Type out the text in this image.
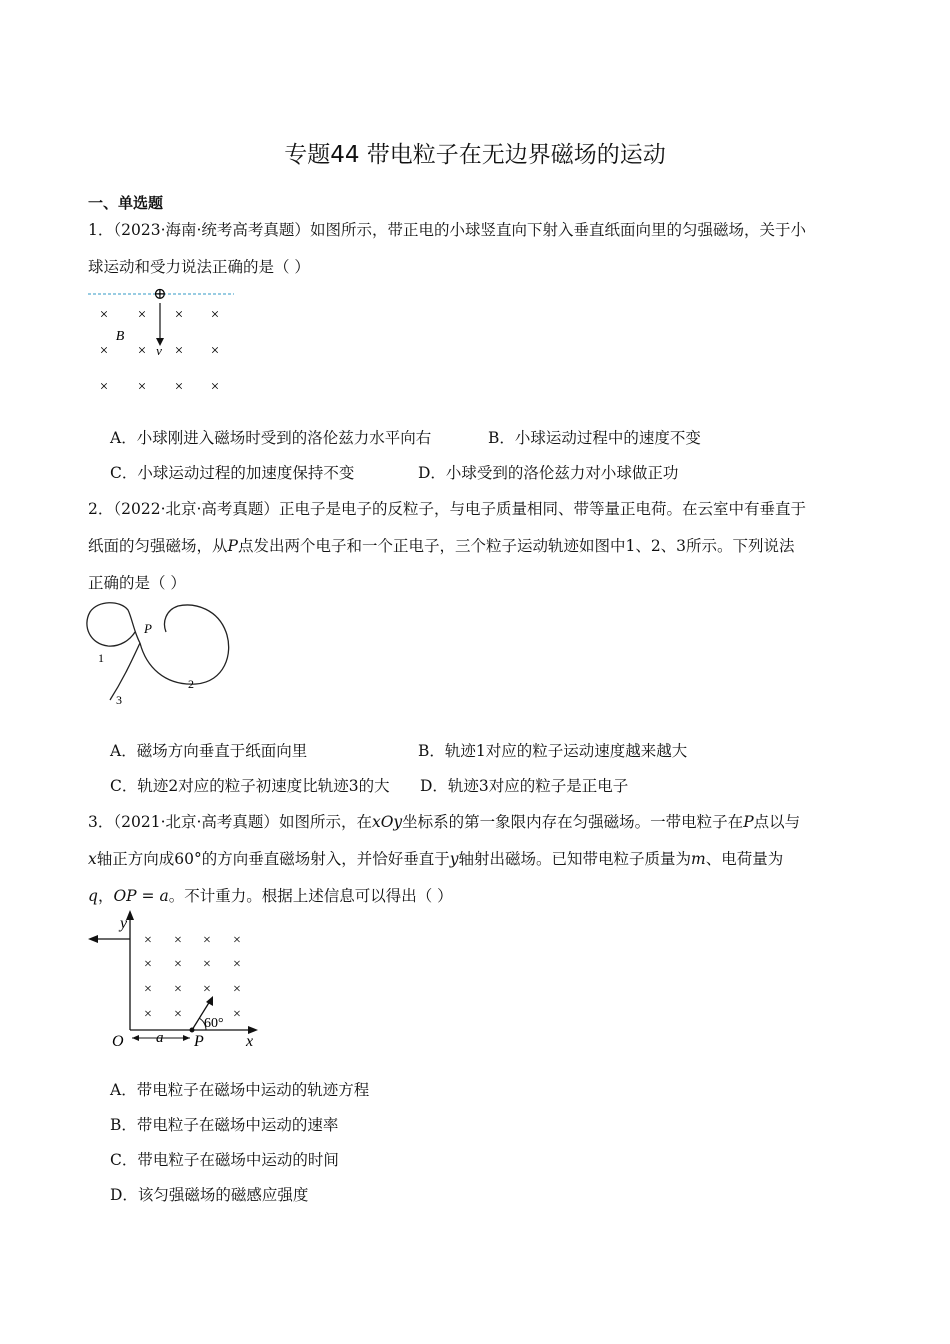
专题44 带电粒子在无边界磁场的运动
一、单选题
1．（2023·海南·统考高考真题）如图所示，带正电的小球竖直向下射入垂直纸面向里的匀强磁场，关于小
球运动和受力说法正确的是（ ）
⊕
v
B
× × × ×
× × × ×
× × × ×
A．小球刚进入磁场时受到的洛伦兹力水平向右	B．小球运动过程中的速度不变
C．小球运动过程的加速度保持不变	D．小球受到的洛伦兹力对小球做正功
2．（2022·北京·高考真题）正电子是电子的反粒子，与电子质量相同、带等量正电荷。在云室中有垂直于
纸面的匀强磁场，从P点发出两个电子和一个正电子，三个粒子运动轨迹如图中1、2、3所示。下列说法
正确的是（ ）
P
1
2
3
A．磁场方向垂直于纸面向里	B．轨迹1对应的粒子运动速度越来越大
C．轨迹2对应的粒子初速度比轨迹3的大 D．轨迹3对应的粒子是正电子
3．（2021·北京·高考真题）如图所示，在xOy坐标系的第一象限内存在匀强磁场。一带电粒子在P点以与
x轴正方向成60°的方向垂直磁场射入，并恰好垂直于y轴射出磁场。已知带电粒子质量为m、电荷量为
q，OP = a。不计重力。根据上述信息可以得出（ ）
y
x
O a P
60°
× × × ×
× × × ×
× × × ×
× ×	×
A．带电粒子在磁场中运动的轨迹方程
B．带电粒子在磁场中运动的速率
C．带电粒子在磁场中运动的时间
D．该匀强磁场的磁感应强度
